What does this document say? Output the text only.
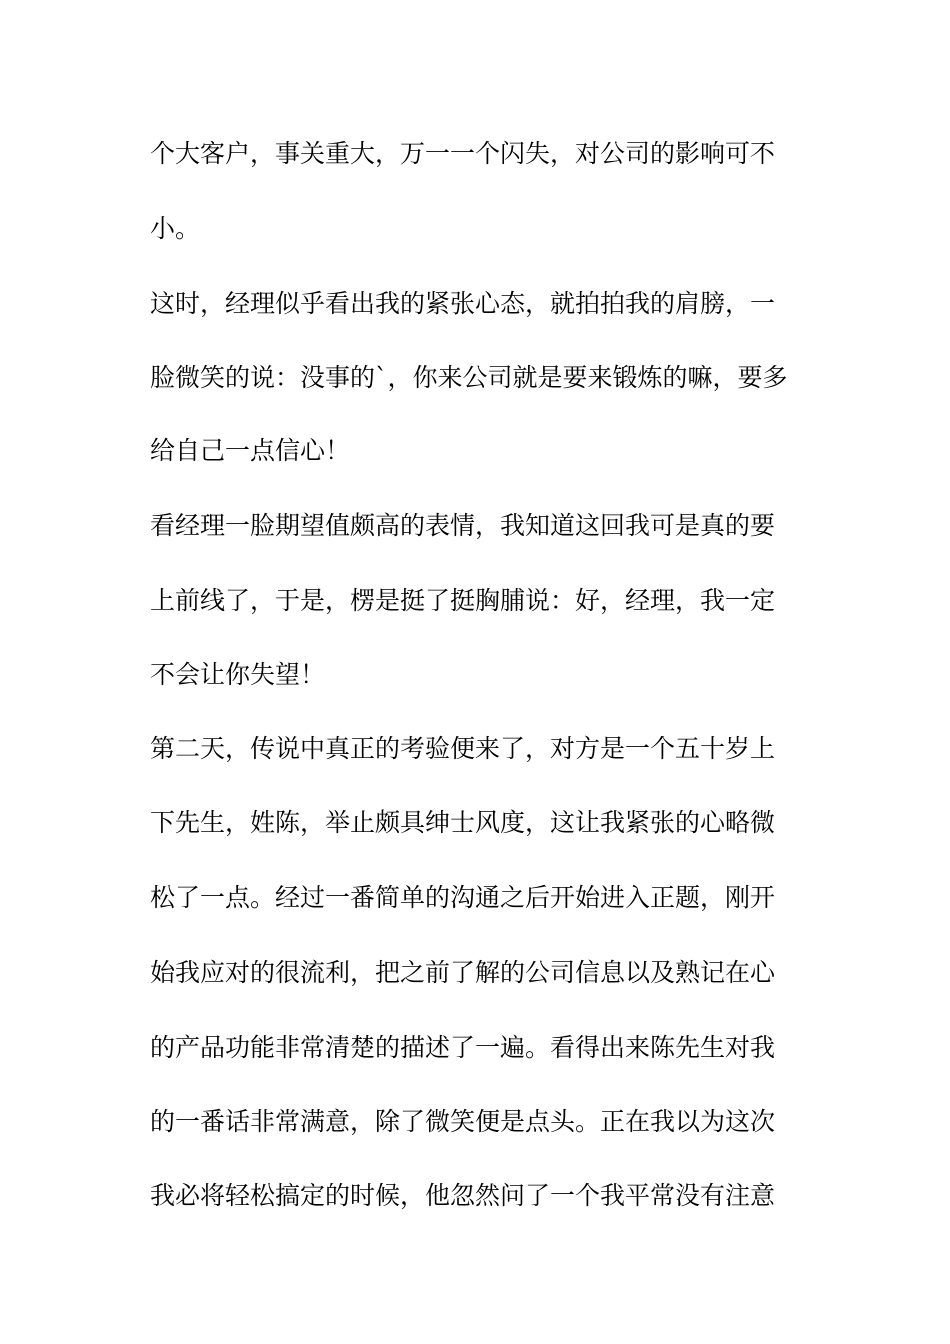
个大客户，事关重大，万一一个闪失，对公司的影响可不
小。
这时，经理似乎看出我的紧张心态，就拍拍我的肩膀，一
脸微笑的说：没事的`，你来公司就是要来锻炼的嘛，要多
给自己一点信心！
看经理一脸期望值颇高的表情，我知道这回我可是真的要
上前线了，于是，楞是挺了挺胸脯说：好，经理，我一定
不会让你失望！
第二天，传说中真正的考验便来了，对方是一个五十岁上
下先生，姓陈，举止颇具绅士风度，这让我紧张的心略微
松了一点。经过一番简单的沟通之后开始进入正题，刚开
始我应对的很流利，把之前了解的公司信息以及熟记在心
的产品功能非常清楚的描述了一遍。看得出来陈先生对我
的一番话非常满意，除了微笑便是点头。正在我以为这次
我必将轻松搞定的时候，他忽然问了一个我平常没有注意
